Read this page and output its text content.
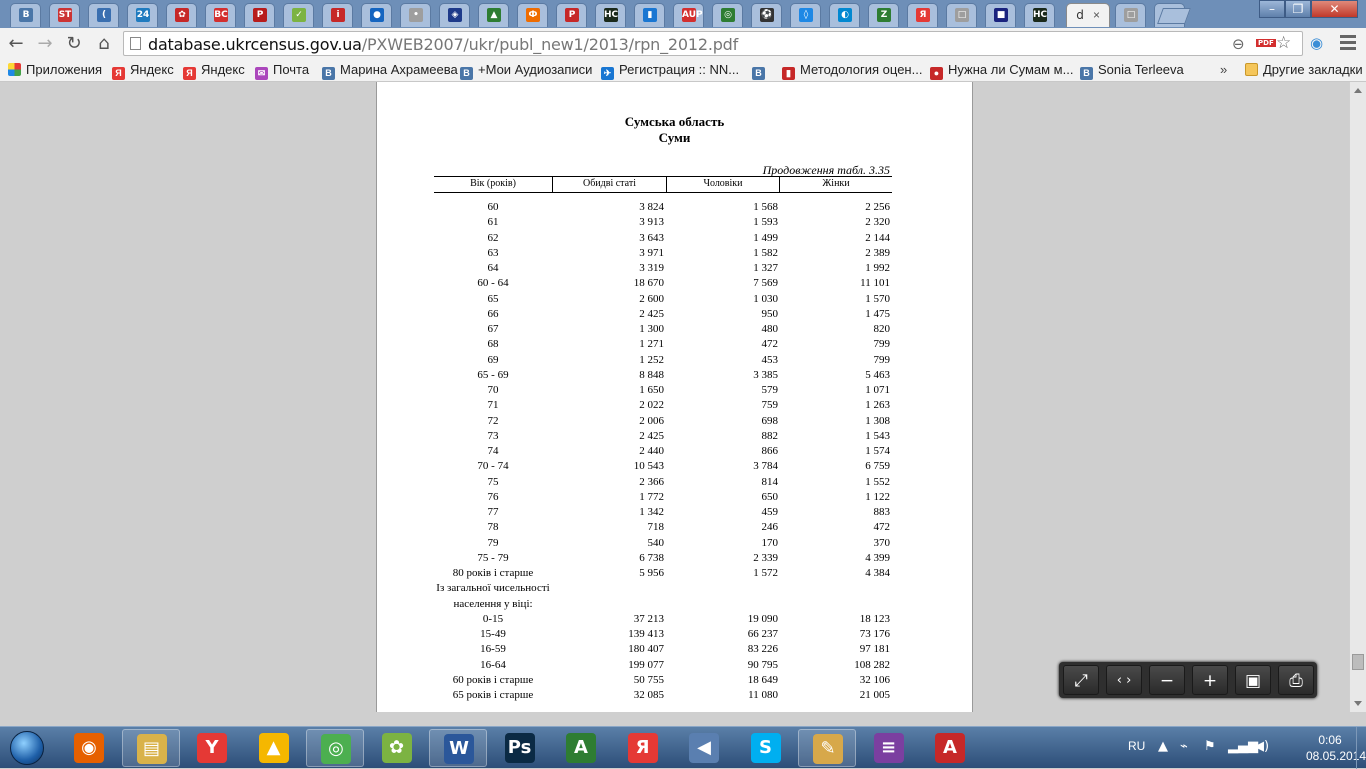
В	ST	(	24	✿	BC	P	✓	i	●	•	◈	▲	Ф	P	HC	▮	AUP	◎	⚽	◊	◐	Z	Я	□	■	HC d ×	□	–	❐	✕
← → ↻ ⌂	database.ukrcensus.gov.ua/PXWEB2007/ukr/publ_new1/2013/rpn_2012.pdf	⊖ PDF ☆ ◉
Приложения	Я Яндекс	Я Яндекс	✉ Почта	В Марина Ахрамеева В +Мои Аудиозаписи	✈ Регистрация :: NN...	В	▮ Методология оцен...	● Нужна ли Сумам м...	В Sonia Terleeva	»	Другие закладки
Сумська область
Суми
Продовження табл. 3.35
Вік (років)	Обидві статі	Чоловіки	Жінки
60	3 824	1 568	2 256
61	3 913	1 593	2 320
62	3 643	1 499	2 144
63	3 971	1 582	2 389
64	3 319	1 327	1 992
60 - 64	18 670	7 569	11 101
65	2 600	1 030	1 570
66	2 425	950	1 475
67	1 300	480	820
68	1 271	472	799
69	1 252	453	799
65 - 69	8 848	3 385	5 463
70	1 650	579	1 071
71	2 022	759	1 263
72	2 006	698	1 308
73	2 425	882	1 543
74	2 440	866	1 574
70 - 74	10 543	3 784	6 759
75	2 366	814	1 552
76	1 772	650	1 122
77	1 342	459	883
78	718	246	472
79	540	170	370
75 - 79	6 738	2 339	4 399
80 років і старше	5 956	1 572	4 384
Із загальної чисельності
населення у віці:
0-15	37 213	19 090	18 123
15-49	139 413	66 237	73 176
16-59	180 407	83 226	97 181
16-64	199 077	90 795	108 282
60 років і старше	50 755	18 649	32 106
65 років і старше	32 085	11 080	21 005
⤢	‹ ›	−	+	▣	⎙
RU ▲ ⌁ ⚑ ▂▄▆
◀)	0:06
08.05.2014
◉	▤	Y	▲	◎	✿	W Ps	A	Я	◀	S	✎	≡	A
